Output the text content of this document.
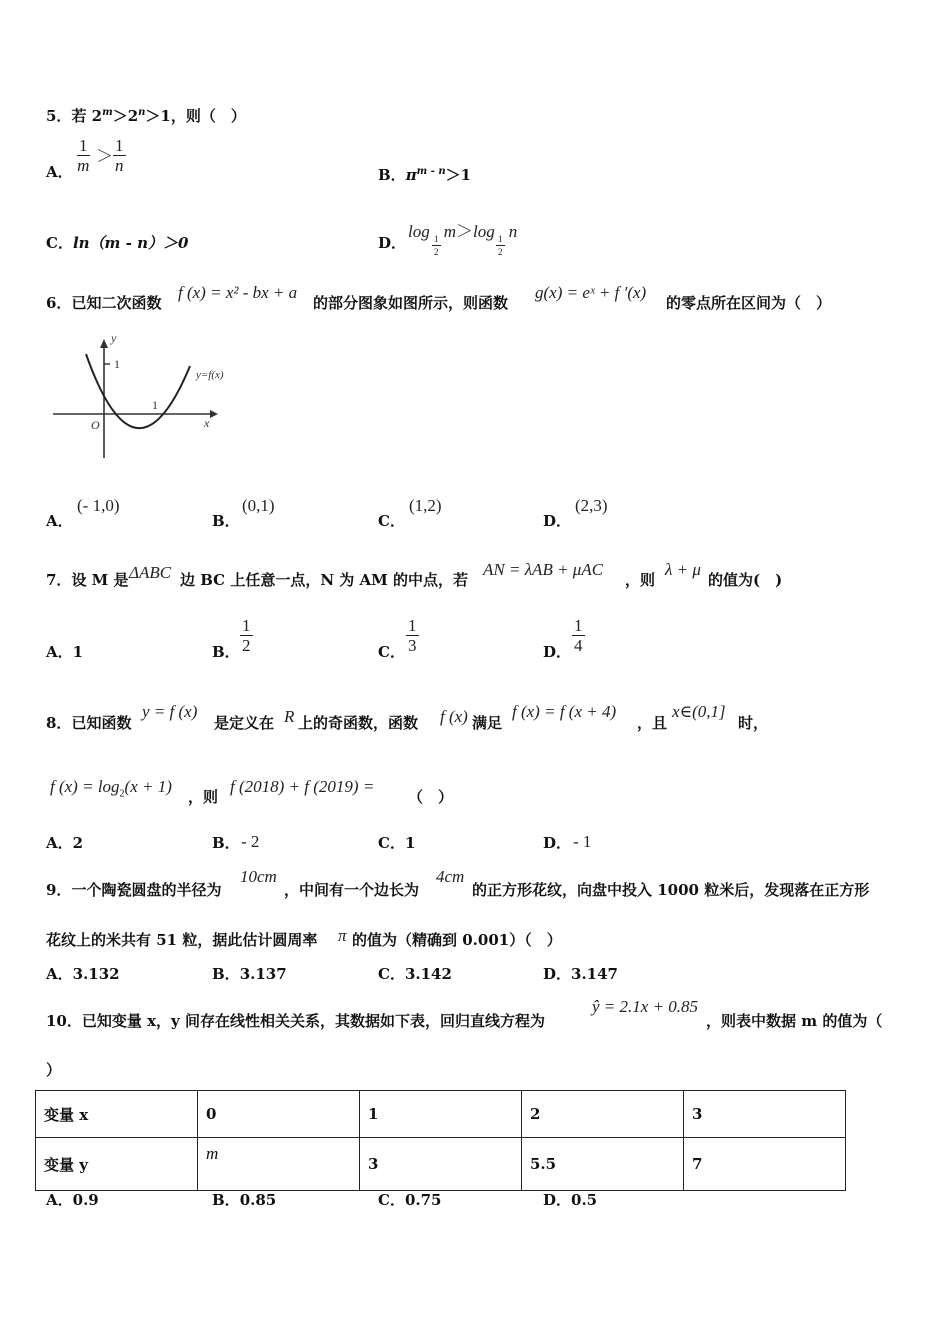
5．若 $2^m>2^n>1$，则（　）
A． $\frac{1}{m} > \frac{1}{n}$	B．$\pi^{m - n}>1$
C．ln（m - n）＞0	D．
log m＞log n
$\frac{1}{2}$	$\frac{1}{2}$
6．已知二次函数
f (x) = x² - bx + a
的部分图象如图所示，则函数
g(x) = eˣ + f ′(x)
的零点所在区间为（　）
y
1
1
O	x
y=f(x)
A．
(- 1,0)
B．
(0,1)
C．
(1,2)
D．
(2,3)
7．设 M 是 ΔABC 边 BC 上任意一点，N 为 AM 的中点，若
AN = λAB + μAC
，则
λ + μ
的值为(　)
A．1	B． $\frac{1}{2}$	C． $\frac{1}{3}$	D． $\frac{1}{4}$
8．已知函数
y = f (x)
是定义在 R 上的奇函数，函数 f (x) 满足
f (x) = f (x + 4)
，且
x∈(0,1]
时，
f $(x) = \log_2(x + 1)$
，则
f (2018) + f (2019) =
（　）
A．2	B． - 2	C．1	D． - 1
9．一个陶瓷圆盘的半径为
10cm
，中间有一个边长为
4cm
的正方形花纹，向盘中投入 1000 粒米后，发现落在正方形
花纹上的米共有 51 粒，据此估计圆周率 π 的值为（精确到 0.001）（　）
A．3.132	B．3.137	C．3.142	D．3.147
10．已知变量 x，y 间存在线性相关关系，其数据如下表，回归直线方程为
ŷ = 2.1x + 0.85
，则表中数据 m 的值为（
）
变量 x	0	1	2	3
变量 y	m	3	5.5	7
A．0.9	B．0.85	C．0.75	D．0.5
